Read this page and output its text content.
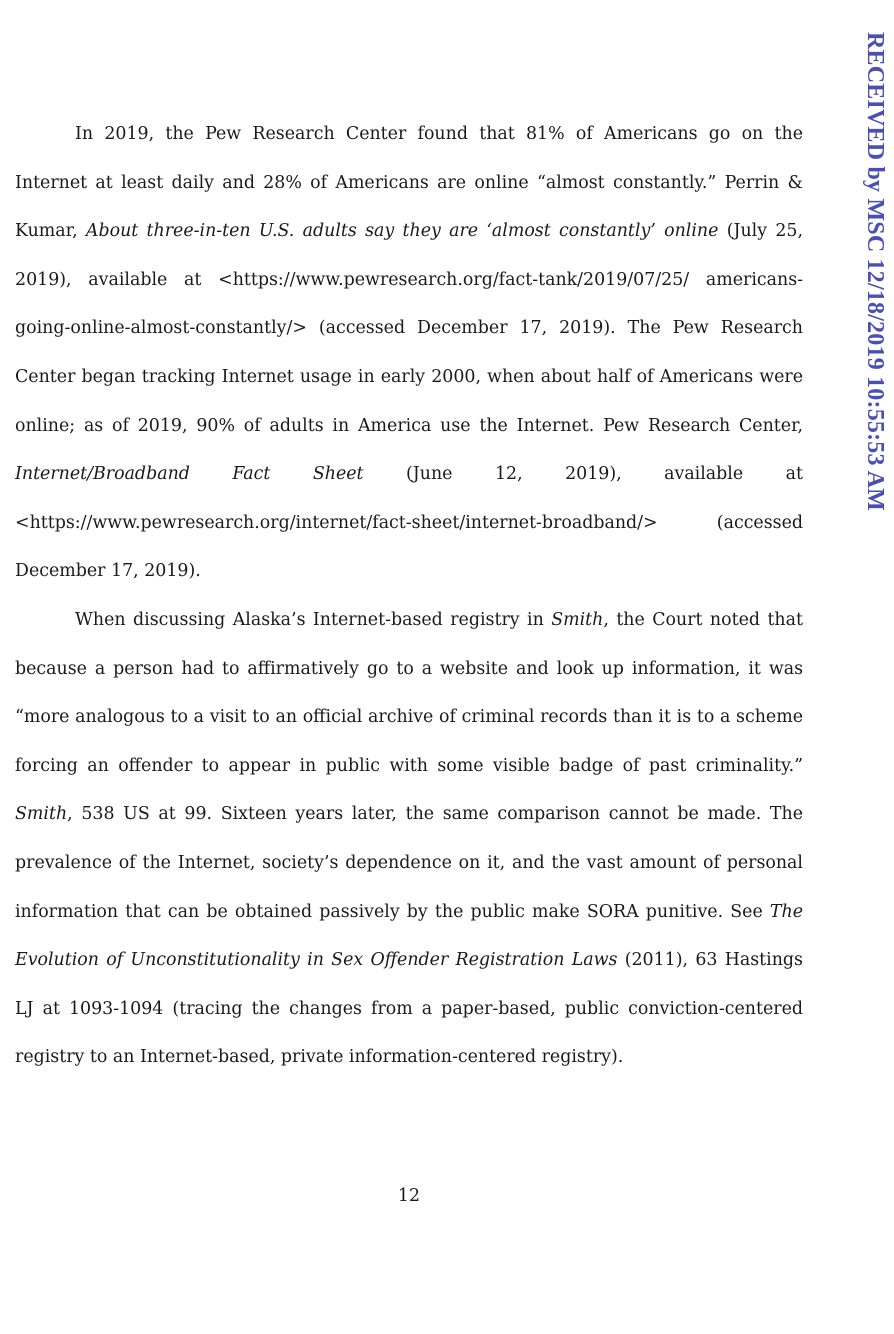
In 2019, the Pew Research Center found that 81% of Americans go on the Internet at least daily and 28% of Americans are online “almost constantly.” Perrin & Kumar, About three-in-ten U.S. adults say they are ‘almost constantly’ online (July 25, 2019), available at <https://www.pewresearch.org/fact-tank/2019/07/25/ americans-going-online-almost-constantly/> (accessed December 17, 2019). The Pew Research Center began tracking Internet usage in early 2000, when about half of Americans were online; as of 2019, 90% of adults in America use the Internet. Pew Research Center, Internet/Broadband Fact Sheet (June 12, 2019), available at <https://www.pewresearch.org/internet/fact-sheet/internet-broadband/> (accessed December 17, 2019).

When discussing Alaska’s Internet-based registry in Smith, the Court noted that because a person had to affirmatively go to a website and look up information, it was “more analogous to a visit to an official archive of criminal records than it is to a scheme forcing an offender to appear in public with some visible badge of past criminality.” Smith, 538 US at 99. Sixteen years later, the same comparison cannot be made. The prevalence of the Internet, society’s dependence on it, and the vast amount of personal information that can be obtained passively by the public make SORA punitive. See The Evolution of Unconstitutionality in Sex Offender Registration Laws (2011), 63 Hastings LJ at 1093-1094 (tracing the changes from a paper-based, public conviction-centered registry to an Internet-based, private information-centered registry).

12
RECEIVED by MSC 12/18/2019 10:55:53 AM
